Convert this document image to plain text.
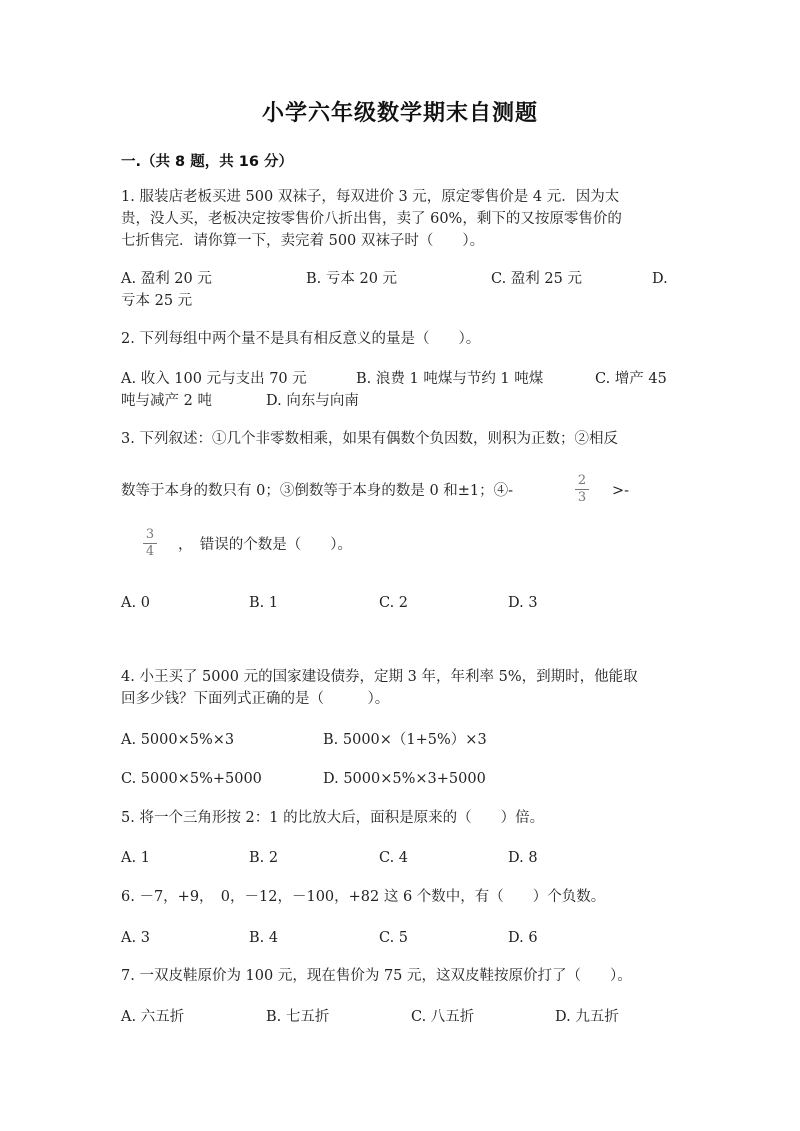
小学六年级数学期末自测题
一.（共 8 题，共 16 分）
1. 服装店老板买进 500 双袜子，每双进价 3 元，原定零售价是 4 元．因为太
贵，没人买，老板决定按零售价八折出售，卖了 60%，剩下的又按原零售价的
七折售完．请你算一下，卖完着 500 双袜子时（　　）。
A. 盈利 20 元	B. 亏本 20 元	C. 盈利 25 元	D.
亏本 25 元
2. 下列每组中两个量不是具有相反意义的量是（　　）。
A. 收入 100 元与支出 70 元	B. 浪费 1 吨煤与节约 1 吨煤	C. 增产 45
吨与减产 2 吨	D. 向东与向南
3. 下列叙述：①几个非零数相乘，如果有偶数个负因数，则积为正数；②相反
数等于本身的数只有 0；③倒数等于本身的数是 0 和±1；④-
2
3 >-
3
4 ，　错误的个数是（　　）。
A. 0	B. 1	C. 2	D. 3
4. 小王买了 5000 元的国家建设债券，定期 3 年，年利率 5%，到期时，他能取
回多少钱？下面列式正确的是（　　　）。
A. 5000×5%×3	B. 5000×（1+5%）×3
C. 5000×5%+5000	D. 5000×5%×3+5000
5. 将一个三角形按 2：1 的比放大后，面积是原来的（　　）倍。
A. 1	B. 2	C. 4	D. 8
6. －7，+9，　0，－12，－100，+82 这 6 个数中，有（　　）个负数。
A. 3	B. 4	C. 5	D. 6
7. 一双皮鞋原价为 100 元，现在售价为 75 元，这双皮鞋按原价打了（　　）。
A. 六五折	B. 七五折	C. 八五折	D. 九五折
